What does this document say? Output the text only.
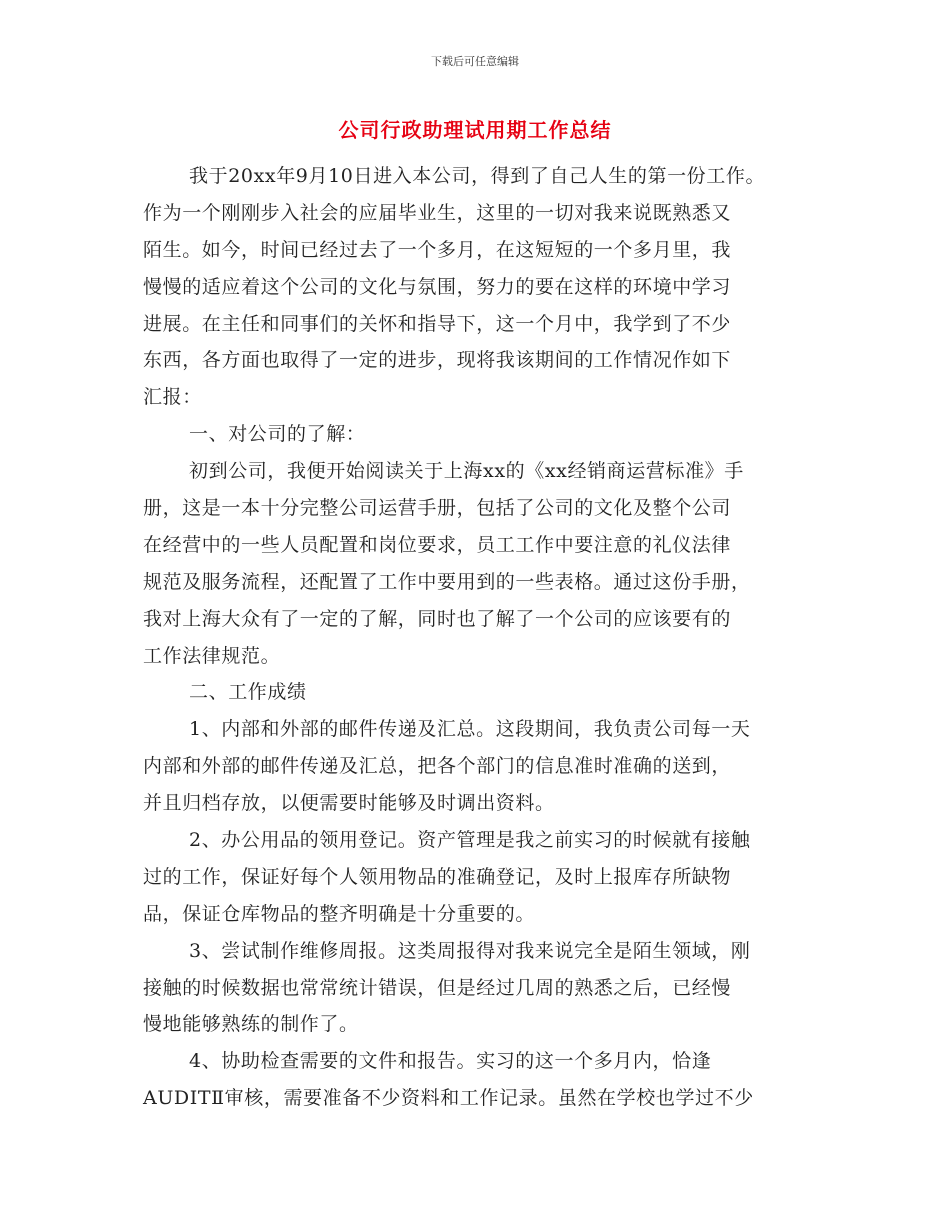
下载后可任意编辑
公司行政助理试用期工作总结
我于20xx年9月10日进入本公司，得到了自己人生的第一份工作。
作为一个刚刚步入社会的应届毕业生，这里的一切对我来说既熟悉又
陌生。如今，时间已经过去了一个多月，在这短短的一个多月里，我
慢慢的适应着这个公司的文化与氛围，努力的要在这样的环境中学习
进展。在主任和同事们的关怀和指导下，这一个月中，我学到了不少
东西，各方面也取得了一定的进步，现将我该期间的工作情况作如下
汇报：
一、对公司的了解：
初到公司，我便开始阅读关于上海xx的《xx经销商运营标准》手
册，这是一本十分完整公司运营手册，包括了公司的文化及整个公司
在经营中的一些人员配置和岗位要求，员工工作中要注意的礼仪法律
规范及服务流程，还配置了工作中要用到的一些表格。通过这份手册，
我对上海大众有了一定的了解，同时也了解了一个公司的应该要有的
工作法律规范。
二、工作成绩
1、内部和外部的邮件传递及汇总。这段期间，我负责公司每一天
内部和外部的邮件传递及汇总，把各个部门的信息准时准确的送到，
并且归档存放，以便需要时能够及时调出资料。
2、办公用品的领用登记。资产管理是我之前实习的时候就有接触
过的工作，保证好每个人领用物品的准确登记，及时上报库存所缺物
品，保证仓库物品的整齐明确是十分重要的。
3、尝试制作维修周报。这类周报得对我来说完全是陌生领域，刚
接触的时候数据也常常统计错误，但是经过几周的熟悉之后，已经慢
慢地能够熟练的制作了。
4、协助检查需要的文件和报告。实习的这一个多月内，恰逢
AUDITⅡ审核，需要准备不少资料和工作记录。虽然在学校也学过不少
